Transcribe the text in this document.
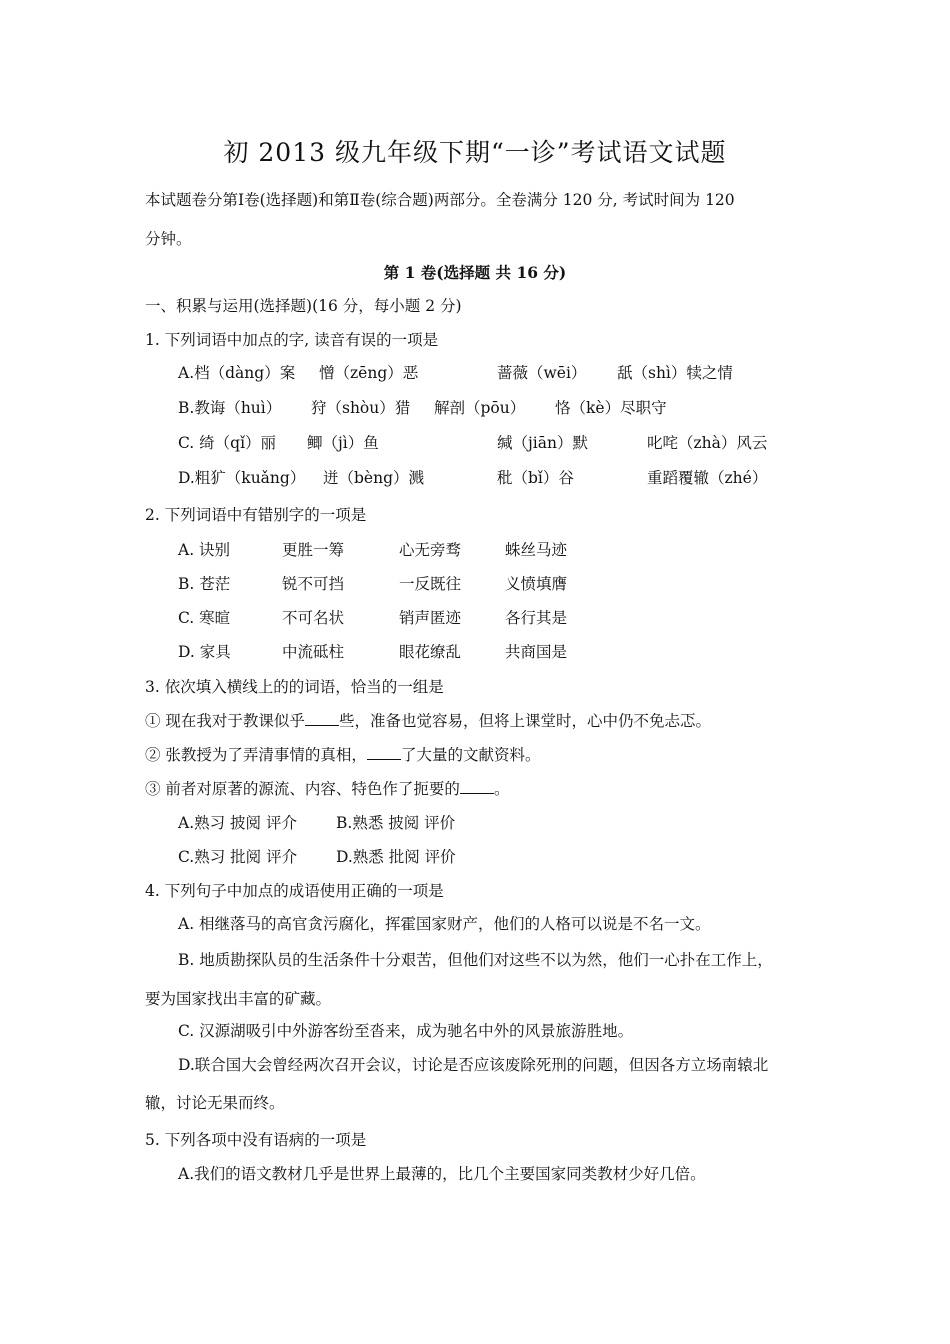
初 2013 级九年级下期“一诊”考试语文试题
本试题卷分第Ⅰ卷(选择题)和第Ⅱ卷(综合题)两部分。全卷满分 120 分, 考试时间为 120
分钟。
第 1 卷(选择题 共 16 分)
一、积累与运用(选择题)(16 分，每小题 2 分)
1. 下列词语中加点的字, 读音有误的一项是
A.档（dàng）案 憎（zēng）恶	蔷薇（wēi） 舐（shì）犊之情
B.教诲（huì） 狩（shòu）猎 解剖（pōu） 恪（kè）尽职守
C. 绮（qǐ）丽 鲫（jì）鱼	缄（jiān）默	叱咤（zhà）风云
D.粗犷（kuǎng） 迸（bèng）溅	秕（bǐ）谷	重蹈覆辙（zhé）
2. 下列词语中有错别字的一项是
A. 诀别	更胜一筹	心无旁骛	蛛丝马迹
B. 苍茫	锐不可挡	一反既往	义愤填膺
C. 寒暄	不可名状	销声匿迹	各行其是
D. 家具	中流砥柱	眼花缭乱	共商国是
3. 依次填入横线上的的词语，恰当的一组是
① 现在我对于教课似乎 些，准备也觉容易，但将上课堂时，心中仍不免忐忑。
② 张教授为了弄清事情的真相， 了大量的文献资料。
③ 前者对原著的源流、内容、特色作了扼要的 。
A.熟习 披阅 评介	B.熟悉 披阅 评价
C.熟习 批阅 评介	D.熟悉 批阅 评价
4. 下列句子中加点的成语使用正确的一项是
A. 相继落马的高官贪污腐化，挥霍国家财产，他们的人格可以说是不名一文。
B. 地质勘探队员的生活条件十分艰苦，但他们对这些不以为然，他们一心扑在工作上，
要为国家找出丰富的矿藏。
C. 汉源湖吸引中外游客纷至沓来，成为驰名中外的风景旅游胜地。
D.联合国大会曾经两次召开会议，讨论是否应该废除死刑的问题，但因各方立场南辕北
辙，讨论无果而终。
5. 下列各项中没有语病的一项是
A.我们的语文教材几乎是世界上最薄的，比几个主要国家同类教材少好几倍。
